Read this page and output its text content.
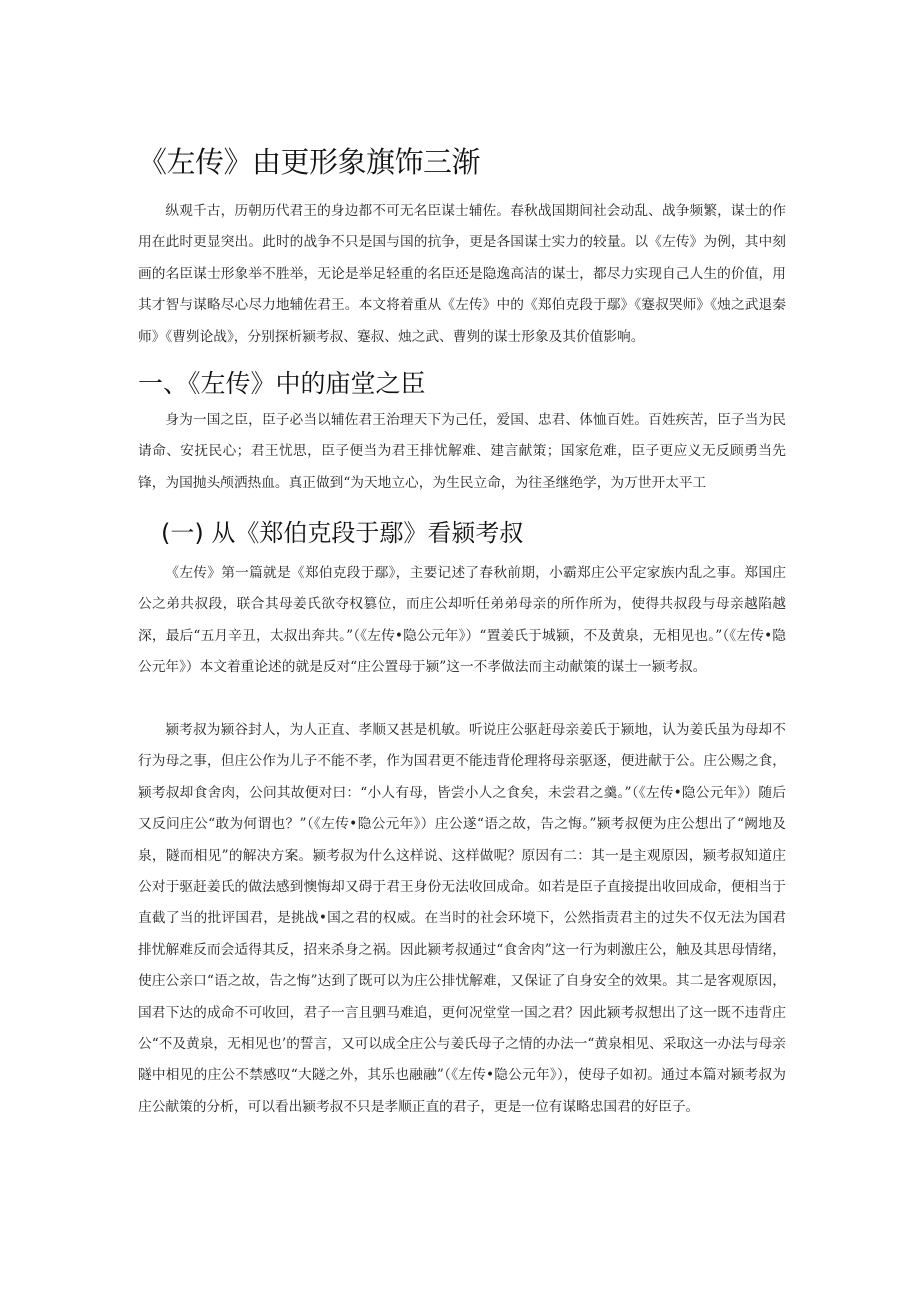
《左传》由更形象旗饰三渐

纵观千古，历朝历代君王的身边都不可无名臣谋士辅佐。春秋战国期间社会动乱、战争频繁，谋士的作用在此时更显突出。此时的战争不只是国与国的抗争，更是各国谋士实力的较量。以《左传》为例，其中刻画的名臣谋士形象举不胜举，无论是举足轻重的名臣还是隐逸高洁的谋士，都尽力实现自己人生的价值，用其才智与谋略尽心尽力地辅佐君王。本文将着重从《左传》中的《郑伯克段于鄢》《蹇叔哭师》《烛之武退秦师》《曹刿论战》，分别探析颍考叔、蹇叔、烛之武、曹刿的谋士形象及其价值影响。

一、《左传》中的庙堂之臣

身为一国之臣，臣子必当以辅佐君王治理天下为己任，爱国、忠君、体恤百姓。百姓疾苦，臣子当为民请命、安抚民心；君王忧思，臣子便当为君王排忧解难、建言献策；国家危难，臣子更应义无反顾勇当先锋，为国抛头颅洒热血。真正做到“为天地立心，为生民立命，为往圣继绝学，为万世开太平工

(一) 从《郑伯克段于鄢》看颍考叔

《左传》第一篇就是《郑伯克段于鄢》，主要记述了春秋前期，小霸郑庄公平定家族内乱之事。郑国庄公之弟共叔段，联合其母姜氏欲夺权篡位，而庄公却听任弟弟母亲的所作所为，使得共叔段与母亲越陷越深，最后“五月辛丑，太叔出奔共。”（《左传•隐公元年》）“置姜氏于城颍，不及黄泉，无相见也。”（《左传•隐公元年》）本文着重论述的就是反对“庄公置母于颍”这一不孝做法而主动献策的谋士一颍考叔。

颍考叔为颍谷封人，为人正直、孝顺又甚是机敏。听说庄公驱赶母亲姜氏于颍地，认为姜氏虽为母却不行为母之事，但庄公作为儿子不能不孝，作为国君更不能违背伦理将母亲驱逐，便进献于公。庄公赐之食，颍考叔却食舍肉，公问其故便对曰：“小人有母，皆尝小人之食矣，未尝君之羹。”（《左传•隐公元年》）随后又反问庄公“敢为何谓也？”（《左传•隐公元年》）庄公遂“语之故，告之悔。”颍考叔便为庄公想出了“阙地及泉，隧而相见”的解决方案。颍考叔为什么这样说、这样做呢？原因有二：其一是主观原因，颍考叔知道庄公对于驱赶姜氏的做法感到懊悔却又碍于君王身份无法收回成命。如若是臣子直接提出收回成命，便相当于直截了当的批评国君，是挑战•国之君的权威。在当时的社会环境下，公然指责君主的过失不仅无法为国君排忧解难反而会适得其反，招来杀身之祸。因此颍考叔通过“食舍肉”这一行为刺激庄公，触及其思母情绪，使庄公亲口“语之故，告之悔”达到了既可以为庄公排忧解难，又保证了自身安全的效果。其二是客观原因，国君下达的成命不可收回，君子一言且驷马难追，更何况堂堂一国之君？因此颍考叔想出了这一既不违背庄公“不及黄泉，无相见也’的誓言，又可以成全庄公与姜氏母子之情的办法一“黄泉相见、采取这一办法与母亲隧中相见的庄公不禁感叹“大隧之外，其乐也融融”（《左传•隐公元年》），使母子如初。通过本篇对颍考叔为庄公献策的分析，可以看出颍考叔不只是孝顺正直的君子，更是一位有谋略忠国君的好臣子。
